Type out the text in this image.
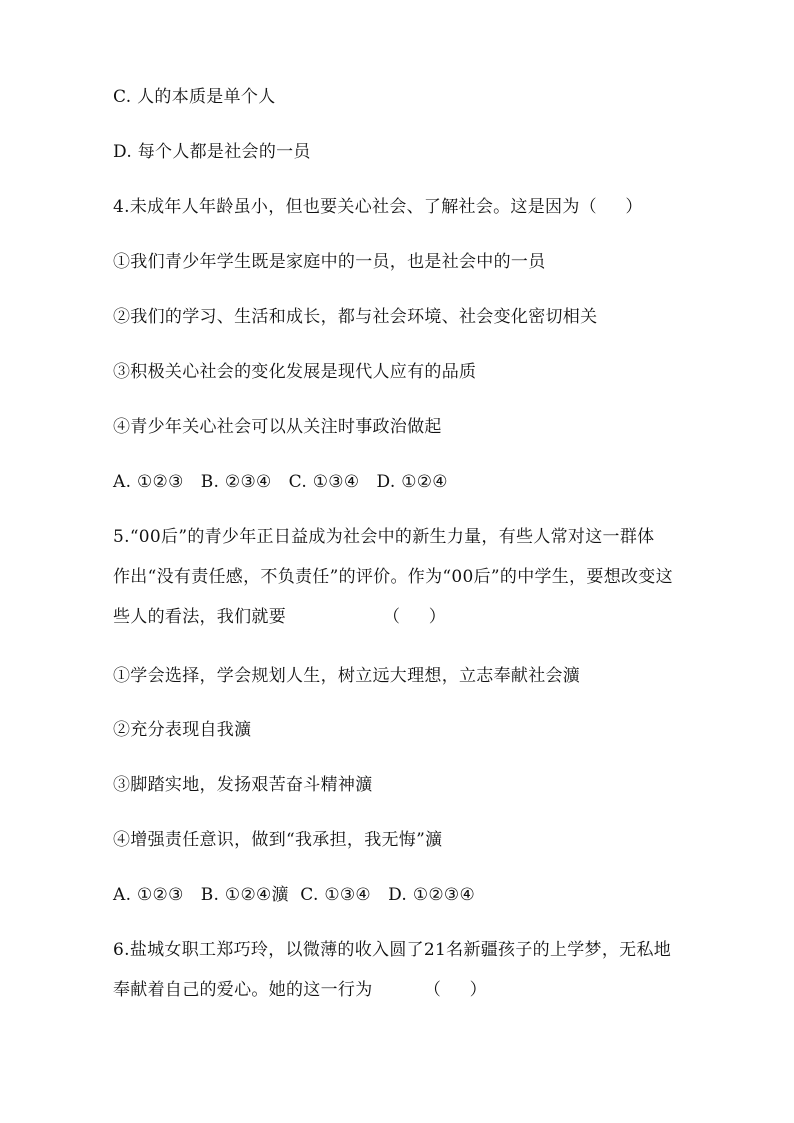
C. 人的本质是单个人
D. 每个人都是社会的一员
4.未成年人年龄虽小，但也要关心社会、了解社会。这是因为（     ）
①我们青少年学生既是家庭中的一员，也是社会中的一员
②我们的学习、生活和成长，都与社会环境、社会变化密切相关
③积极关心社会的变化发展是现代人应有的品质
④青少年关心社会可以从关注时事政治做起
A. ①②③   B. ②③④   C. ①③④   D. ①②④
5.“00后”的青少年正日益成为社会中的新生力量，有些人常对这一群体
作出“没有责任感，不负责任”的评价。作为“00后”的中学生，要想改变这
些人的看法，我们就要                 （     ）
①学会选择，学会规划人生，树立远大理想，立志奉献社会瀇
②充分表现自我瀇
③脚踏实地，发扬艰苦奋斗精神瀇
④增强责任意识，做到“我承担，我无悔”瀇
A. ①②③   B. ①②④瀇  C. ①③④   D. ①②③④
6.盐城女职工郑巧玲，以微薄的收入圆了21名新疆孩子的上学梦，无私地
奉献着自己的爱心。她的这一行为         （     ）
